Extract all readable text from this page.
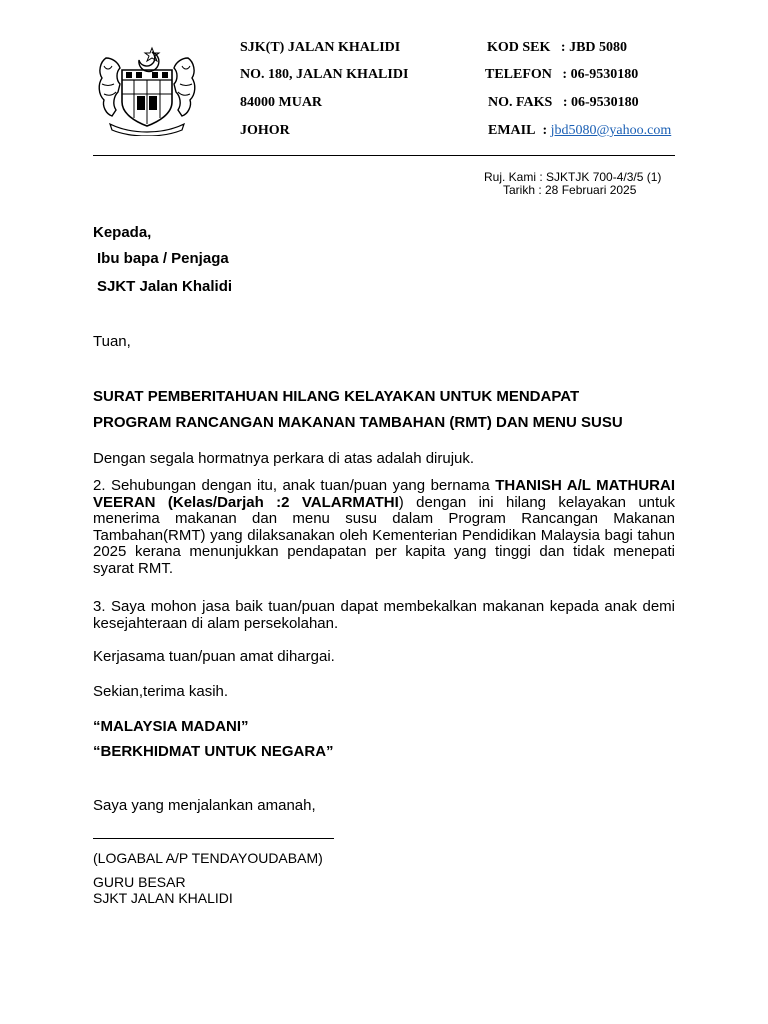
SJK(T) JALAN KHALIDI
NO. 180, JALAN KHALIDI
84000 MUAR
JOHOR
KOD SEK : JBD 5080
TELEFON : 06-9530180
NO. FAKS : 06-9530180
EMAIL : jbd5080@yahoo.com
Ruj. Kami : SJKTJK 700-4/3/5 (1)
Tarikh : 28 Februari 2025
Kepada,
Ibu bapa / Penjaga
SJKT Jalan Khalidi
Tuan,
SURAT PEMBERITAHUAN HILANG KELAYAKAN UNTUK MENDAPAT
PROGRAM RANCANGAN MAKANAN TAMBAHAN (RMT) DAN MENU SUSU
Dengan segala hormatnya perkara di atas adalah dirujuk.
2. Sehubungan dengan itu, anak tuan/puan yang bernama THANISH A/L MATHURAI VEERAN (Kelas/Darjah :2 VALARMATHI) dengan ini hilang kelayakan untuk menerima makanan dan menu susu dalam Program Rancangan Makanan Tambahan(RMT) yang dilaksanakan oleh Kementerian Pendidikan Malaysia bagi tahun 2025 kerana menunjukkan pendapatan per kapita yang tinggi dan tidak menepati syarat RMT.
3. Saya mohon jasa baik tuan/puan dapat membekalkan makanan kepada anak demi kesejahteraan di alam persekolahan.
Kerjasama tuan/puan amat dihargai.
Sekian,terima kasih.
“MALAYSIA MADANI”
“BERKHIDMAT UNTUK NEGARA”
Saya yang menjalankan amanah,
(LOGABAL A/P TENDAYOUDABAM)
GURU BESAR
SJKT JALAN KHALIDI
